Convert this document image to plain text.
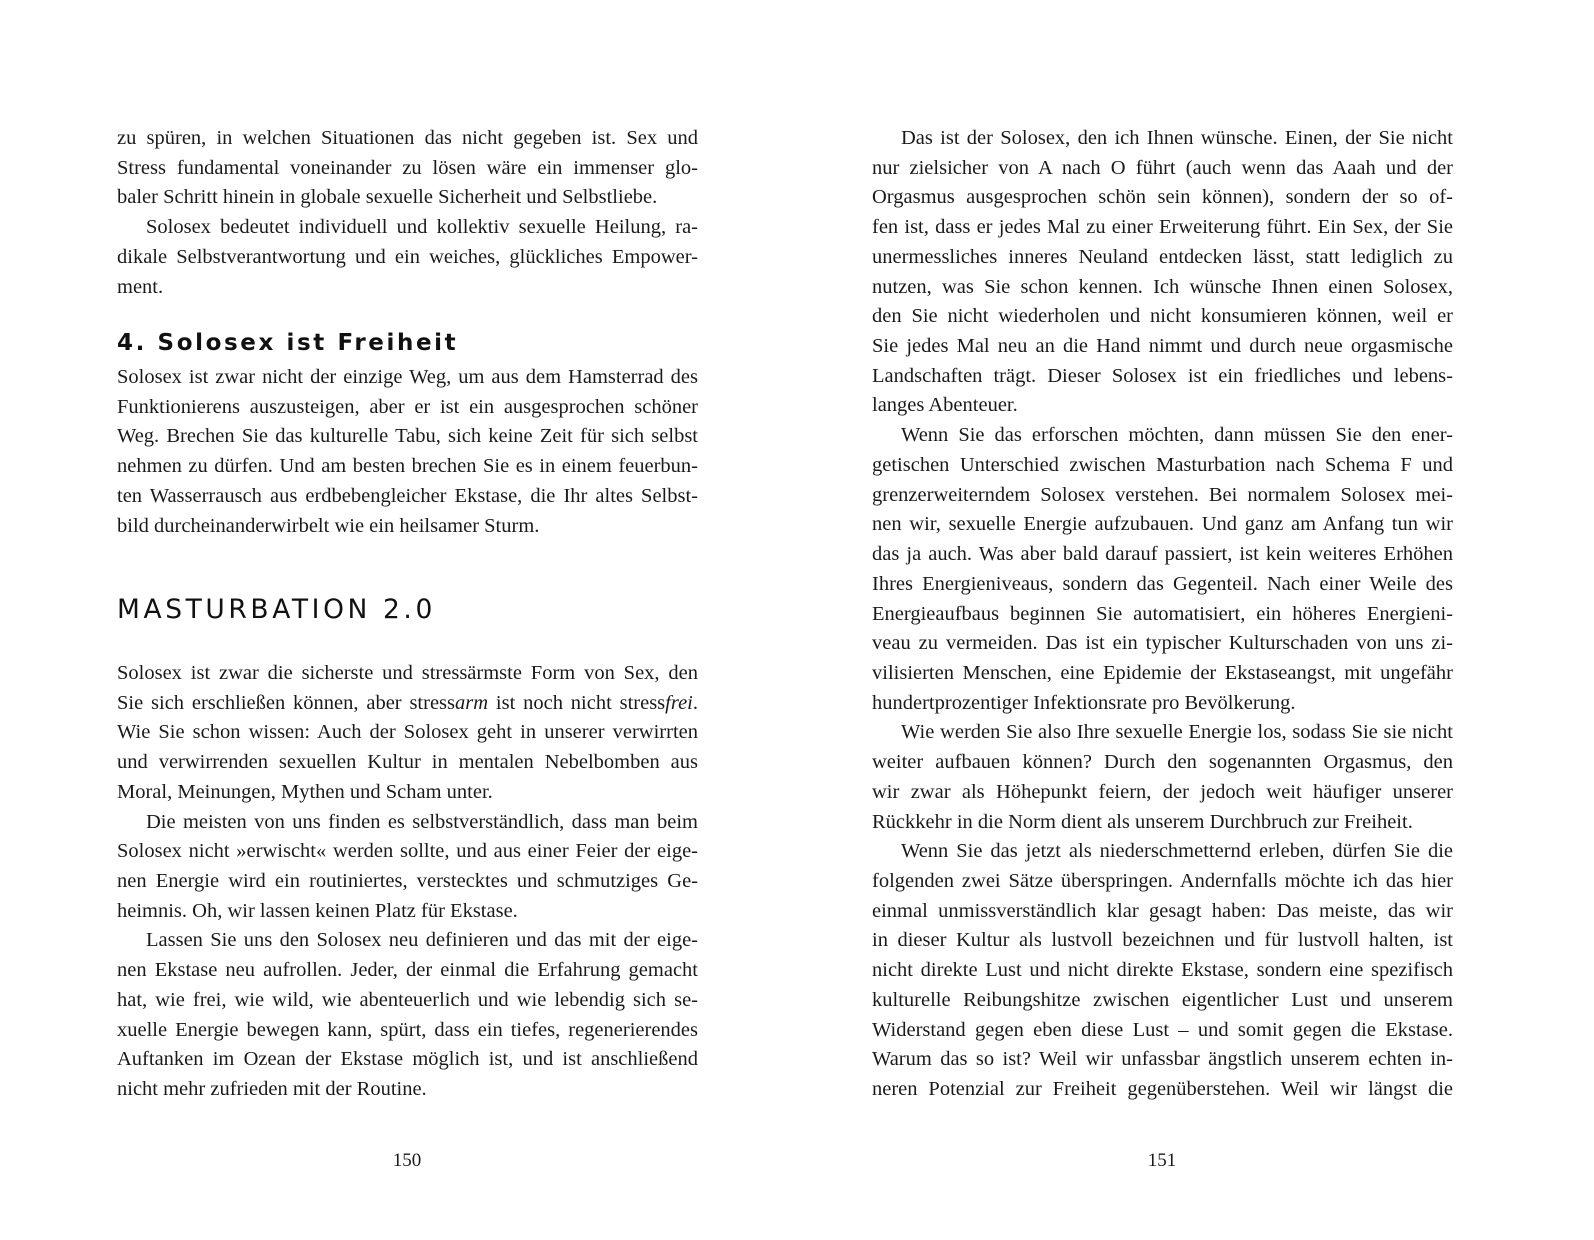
zu spüren, in welchen Situationen das nicht gegeben ist. Sex und
Stress fundamental voneinander zu lösen wäre ein immenser glo-
baler Schritt hinein in globale sexuelle Sicherheit und Selbstliebe.
Solosex bedeutet individuell und kollektiv sexuelle Heilung, ra-
dikale Selbstverantwortung und ein weiches, glückliches Empower-
ment.
4. Solosex ist Freiheit
Solosex ist zwar nicht der einzige Weg, um aus dem Hamsterrad des
Funktionierens auszusteigen, aber er ist ein ausgesprochen schöner
Weg. Brechen Sie das kulturelle Tabu, sich keine Zeit für sich selbst
nehmen zu dürfen. Und am besten brechen Sie es in einem feuerbun-
ten Wasserrausch aus erdbebengleicher Ekstase, die Ihr altes Selbst-
bild durcheinanderwirbelt wie ein heilsamer Sturm.
MASTURBATION 2.0
Solosex ist zwar die sicherste und stressärmste Form von Sex, den
Sie sich erschließen können, aber stressarm ist noch nicht stressfrei.
Wie Sie schon wissen: Auch der Solosex geht in unserer verwirrten
und verwirrenden sexuellen Kultur in mentalen Nebelbomben aus
Moral, Meinungen, Mythen und Scham unter.
Die meisten von uns finden es selbstverständlich, dass man beim
Solosex nicht »erwischt« werden sollte, und aus einer Feier der eige-
nen Energie wird ein routiniertes, verstecktes und schmutziges Ge-
heimnis. Oh, wir lassen keinen Platz für Ekstase.
Lassen Sie uns den Solosex neu definieren und das mit der eige-
nen Ekstase neu aufrollen. Jeder, der einmal die Erfahrung gemacht
hat, wie frei, wie wild, wie abenteuerlich und wie lebendig sich se-
xuelle Energie bewegen kann, spürt, dass ein tiefes, regenerierendes
Auftanken im Ozean der Ekstase möglich ist, und ist anschließend
nicht mehr zufrieden mit der Routine.
150
Das ist der Solosex, den ich Ihnen wünsche. Einen, der Sie nicht
nur zielsicher von A nach O führt (auch wenn das Aaah und der
Orgasmus ausgesprochen schön sein können), sondern der so of-
fen ist, dass er jedes Mal zu einer Erweiterung führt. Ein Sex, der Sie
unermessliches inneres Neuland entdecken lässt, statt lediglich zu
nutzen, was Sie schon kennen. Ich wünsche Ihnen einen Solosex,
den Sie nicht wiederholen und nicht konsumieren können, weil er
Sie jedes Mal neu an die Hand nimmt und durch neue orgasmische
Landschaften trägt. Dieser Solosex ist ein friedliches und lebens-
langes Abenteuer.
Wenn Sie das erforschen möchten, dann müssen Sie den ener-
getischen Unterschied zwischen Masturbation nach Schema F und
grenzerweiterndem Solosex verstehen. Bei normalem Solosex mei-
nen wir, sexuelle Energie aufzubauen. Und ganz am Anfang tun wir
das ja auch. Was aber bald darauf passiert, ist kein weiteres Erhöhen
Ihres Energieniveaus, sondern das Gegenteil. Nach einer Weile des
Energieaufbaus beginnen Sie automatisiert, ein höheres Energieni-
veau zu vermeiden. Das ist ein typischer Kulturschaden von uns zi-
vilisierten Menschen, eine Epidemie der Ekstaseangst, mit ungefähr
hundertprozentiger Infektionsrate pro Bevölkerung.
Wie werden Sie also Ihre sexuelle Energie los, sodass Sie sie nicht
weiter aufbauen können? Durch den sogenannten Orgasmus, den
wir zwar als Höhepunkt feiern, der jedoch weit häufiger unserer
Rückkehr in die Norm dient als unserem Durchbruch zur Freiheit.
Wenn Sie das jetzt als niederschmetternd erleben, dürfen Sie die
folgenden zwei Sätze überspringen. Andernfalls möchte ich das hier
einmal unmissverständlich klar gesagt haben: Das meiste, das wir
in dieser Kultur als lustvoll bezeichnen und für lustvoll halten, ist
nicht direkte Lust und nicht direkte Ekstase, sondern eine spezifisch
kulturelle Reibungshitze zwischen eigentlicher Lust und unserem
Widerstand gegen eben diese Lust – und somit gegen die Ekstase.
Warum das so ist? Weil wir unfassbar ängstlich unserem echten in-
neren Potenzial zur Freiheit gegenüberstehen. Weil wir längst die
151
